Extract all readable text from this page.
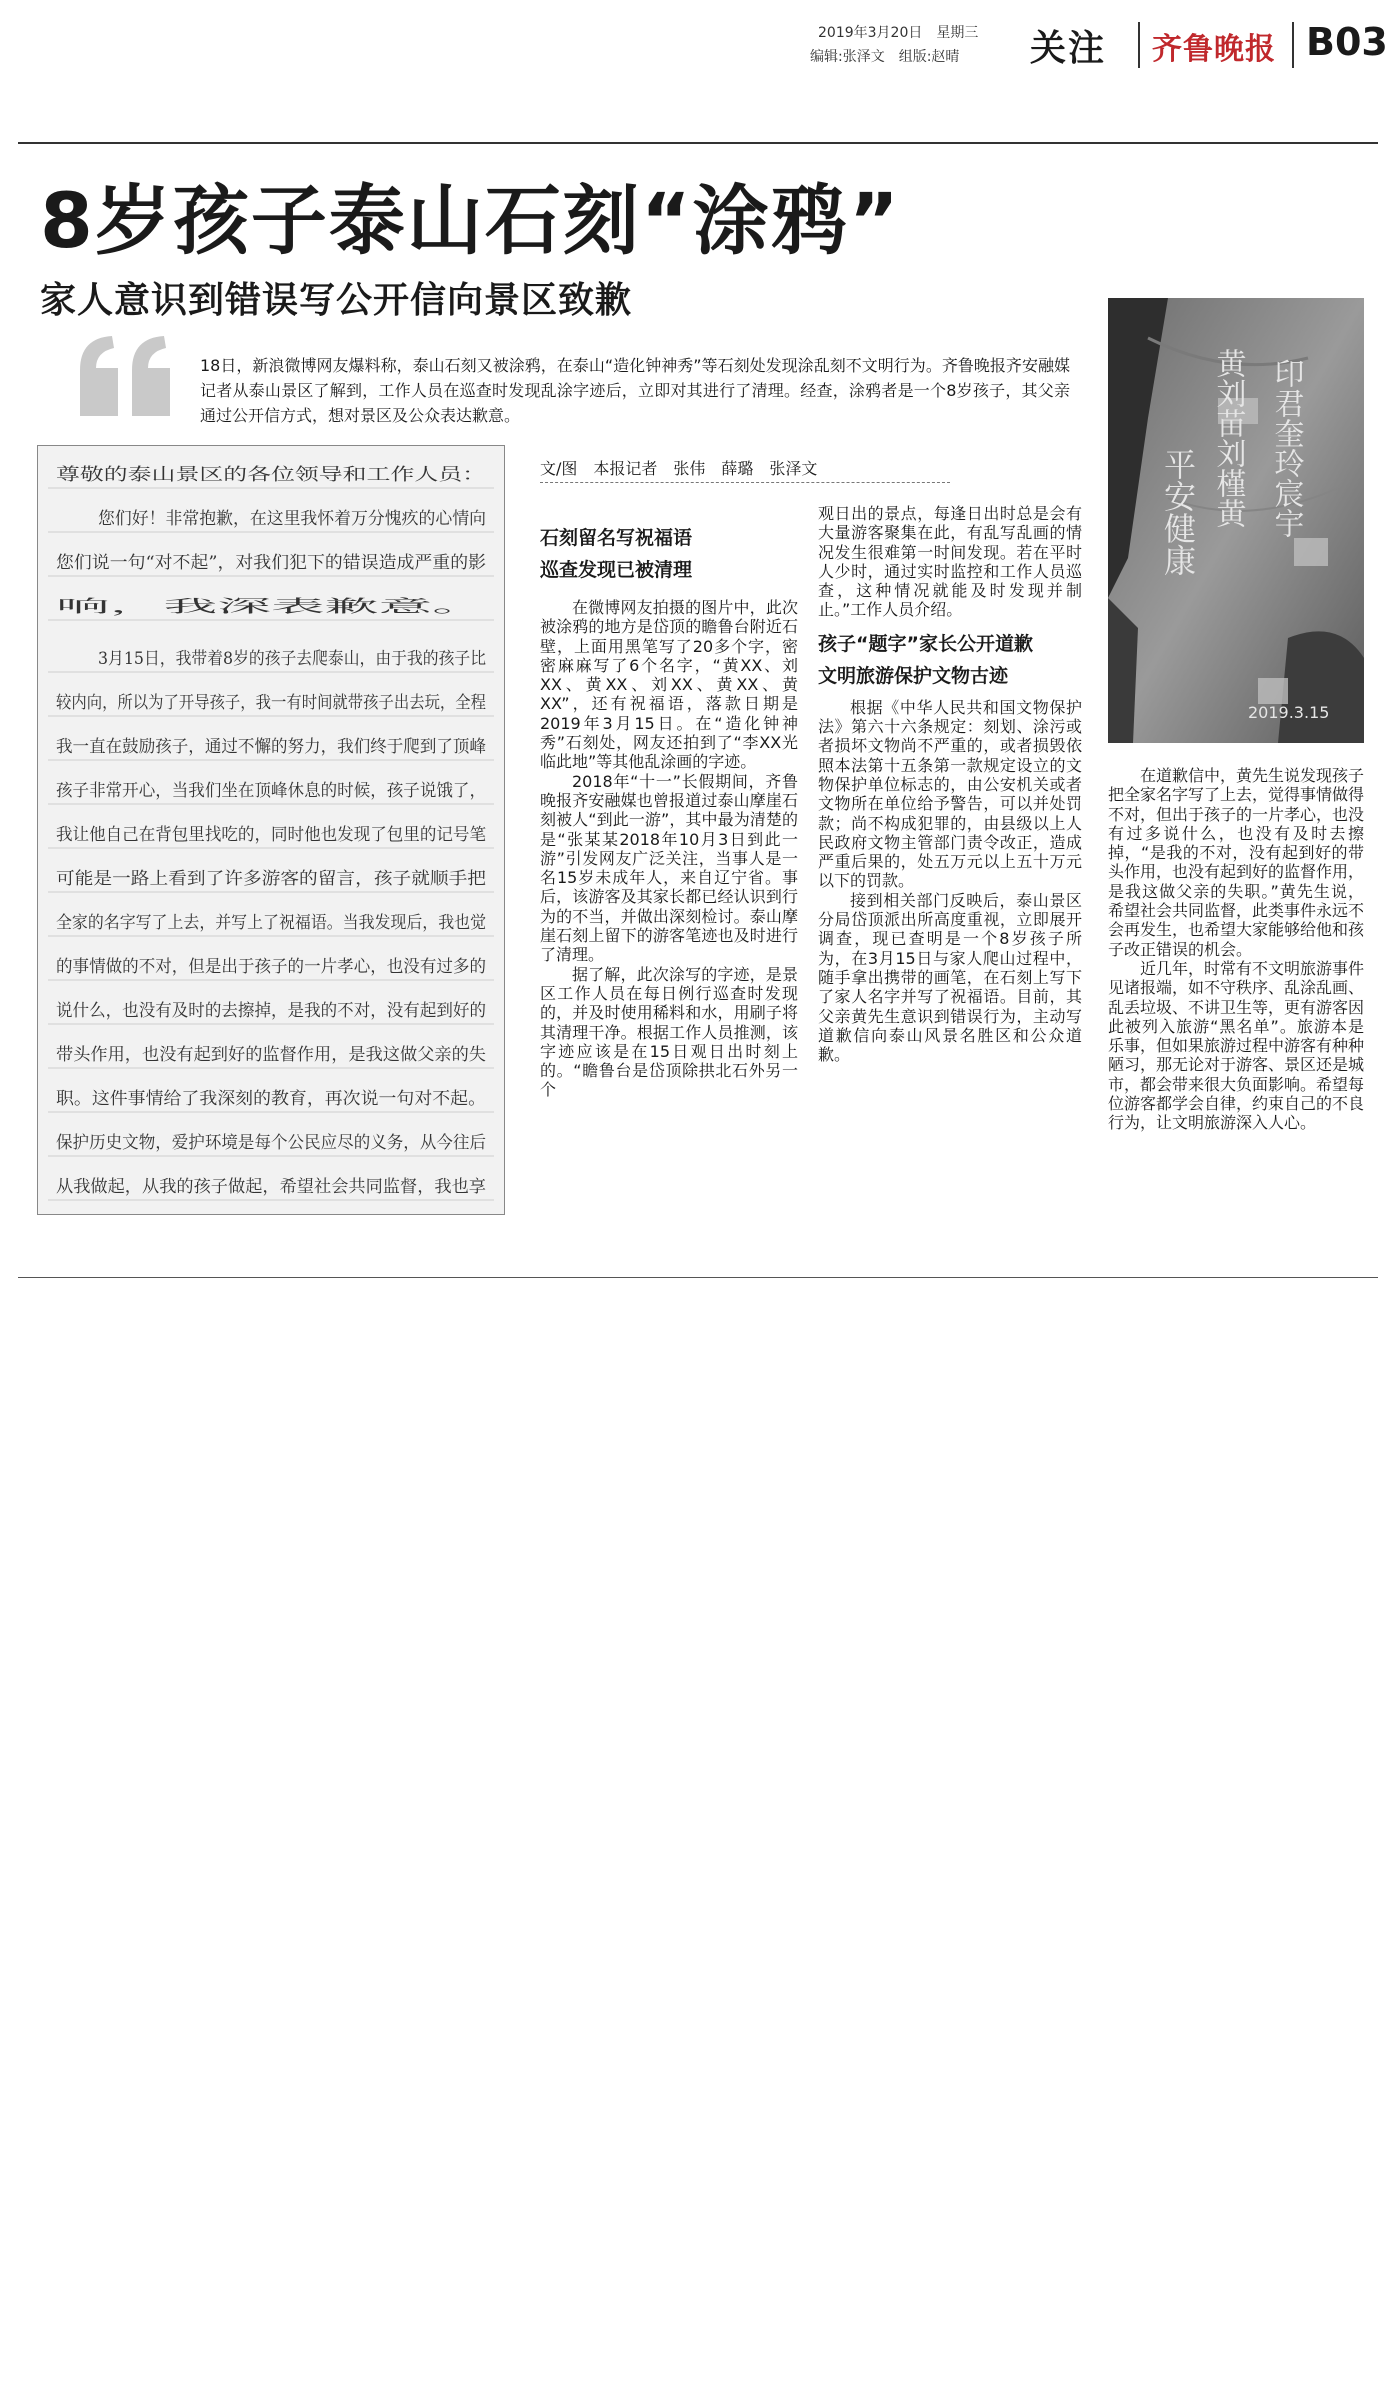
2019年3月20日　星期三
编辑:张泽文　组版:赵晴 关注 齐鲁晚报 B03
8岁孩子泰山石刻“涂鸦”
家人意识到错误写公开信向景区致歉
18日，新浪微博网友爆料称，泰山石刻又被涂鸦，在泰山“造化钟神秀”等石刻处发现涂乱刻不文明行为。齐鲁晚报齐安融媒记者从泰山景区了解到，工作人员在巡查时发现乱涂字迹后，立即对其进行了清理。经查，涂鸦者是一个8岁孩子，其父亲通过公开信方式，想对景区及公众表达歉意。
尊敬的泰山景区的各位领导和工作人员：
您们好！非常抱歉，在这里我怀着万分愧疚的心情向
您们说一句“对不起”，对我们犯下的错误造成严重的影
响，我深表歉意。
3月15日，我带着8岁的孩子去爬泰山，由于我的孩子比
较内向，所以为了开导孩子，我一有时间就带孩子出去玩，全程
我一直在鼓励孩子，通过不懈的努力，我们终于爬到了顶峰
孩子非常开心，当我们坐在顶峰休息的时候，孩子说饿了，
我让他自己在背包里找吃的，同时他也发现了包里的记号笔
可能是一路上看到了许多游客的留言，孩子就顺手把
全家的名字写了上去，并写上了祝福语。当我发现后，我也觉
的事情做的不对，但是出于孩子的一片孝心，也没有过多的
说什么，也没有及时的去擦掉，是我的不对，没有起到好的
带头作用，也没有起到好的监督作用，是我这做父亲的失
职。这件事情给了我深刻的教育，再次说一句对不起。
保护历史文物，爱护环境是每个公民应尽的义务，从今往后
从我做起，从我的孩子做起，希望社会共同监督，我也享
文/图　本报记者　张伟　薛璐　张泽文
石刻留名写祝福语
巡查发现已被清理

在微博网友拍摄的图片中，此次被涂鸦的地方是岱顶的瞻鲁台附近石壁，上面用黑笔写了20多个字，密密麻麻写了6个名字，“黄XX、刘XX、黄XX、刘XX、黄XX、黄XX”，还有祝福语，落款日期是2019年3月15日。在“造化钟神秀”石刻处，网友还拍到了“李XX光临此地”等其他乱涂画的字迹。

2018年“十一”长假期间，齐鲁晚报齐安融媒也曾报道过泰山摩崖石刻被人“到此一游”，其中最为清楚的是“张某某2018年10月3日到此一游”引发网友广泛关注，当事人是一名15岁未成年人，来自辽宁省。事后，该游客及其家长都已经认识到行为的不当，并做出深刻检讨。泰山摩崖石刻上留下的游客笔迹也及时进行了清理。

据了解，此次涂写的字迹，是景区工作人员在每日例行巡查时发现的，并及时使用稀料和水，用刷子将其清理干净。根据工作人员推测，该字迹应该是在15日观日出时刻上的。“瞻鲁台是岱顶除拱北石外另一个

观日出的景点，每逢日出时总是会有大量游客聚集在此，有乱写乱画的情况发生很难第一时间发现。若在平时人少时，通过实时监控和工作人员巡查，这种情况就能及时发现并制止。”工作人员介绍。

孩子“题字”家长公开道歉
文明旅游保护文物古迹

根据《中华人民共和国文物保护法》第六十六条规定：刻划、涂污或者损坏文物尚不严重的，或者损毁依照本法第十五条第一款规定设立的文物保护单位标志的，由公安机关或者文物所在单位给予警告，可以并处罚款；尚不构成犯罪的，由县级以上人民政府文物主管部门责令改正，造成严重后果的，处五万元以上五十万元以下的罚款。

接到相关部门反映后，泰山景区分局岱顶派出所高度重视，立即展开调查，现已查明是一个8岁孩子所为，在3月15日与家人爬山过程中，随手拿出携带的画笔，在石刻上写下了家人名字并写了祝福语。目前，其父亲黄先生意识到错误行为，主动写道歉信向泰山风景名胜区和公众道歉。

印君奎玲宸宇
黄刘苗刘槿黄
平安健康
2019.3.15

在道歉信中，黄先生说发现孩子把全家名字写了上去，觉得事情做得不对，但出于孩子的一片孝心，也没有过多说什么，也没有及时去擦掉，“是我的不对，没有起到好的带头作用，也没有起到好的监督作用，是我这做父亲的失职。”黄先生说，希望社会共同监督，此类事件永远不会再发生，也希望大家能够给他和孩子改正错误的机会。

近几年，时常有不文明旅游事件见诸报端，如不守秩序、乱涂乱画、乱丢垃圾、不讲卫生等，更有游客因此被列入旅游“黑名单”。旅游本是乐事，但如果旅游过程中游客有种种陋习，那无论对于游客、景区还是城市，都会带来很大负面影响。希望每位游客都学会自律，约束自己的不良行为，让文明旅游深入人心。
